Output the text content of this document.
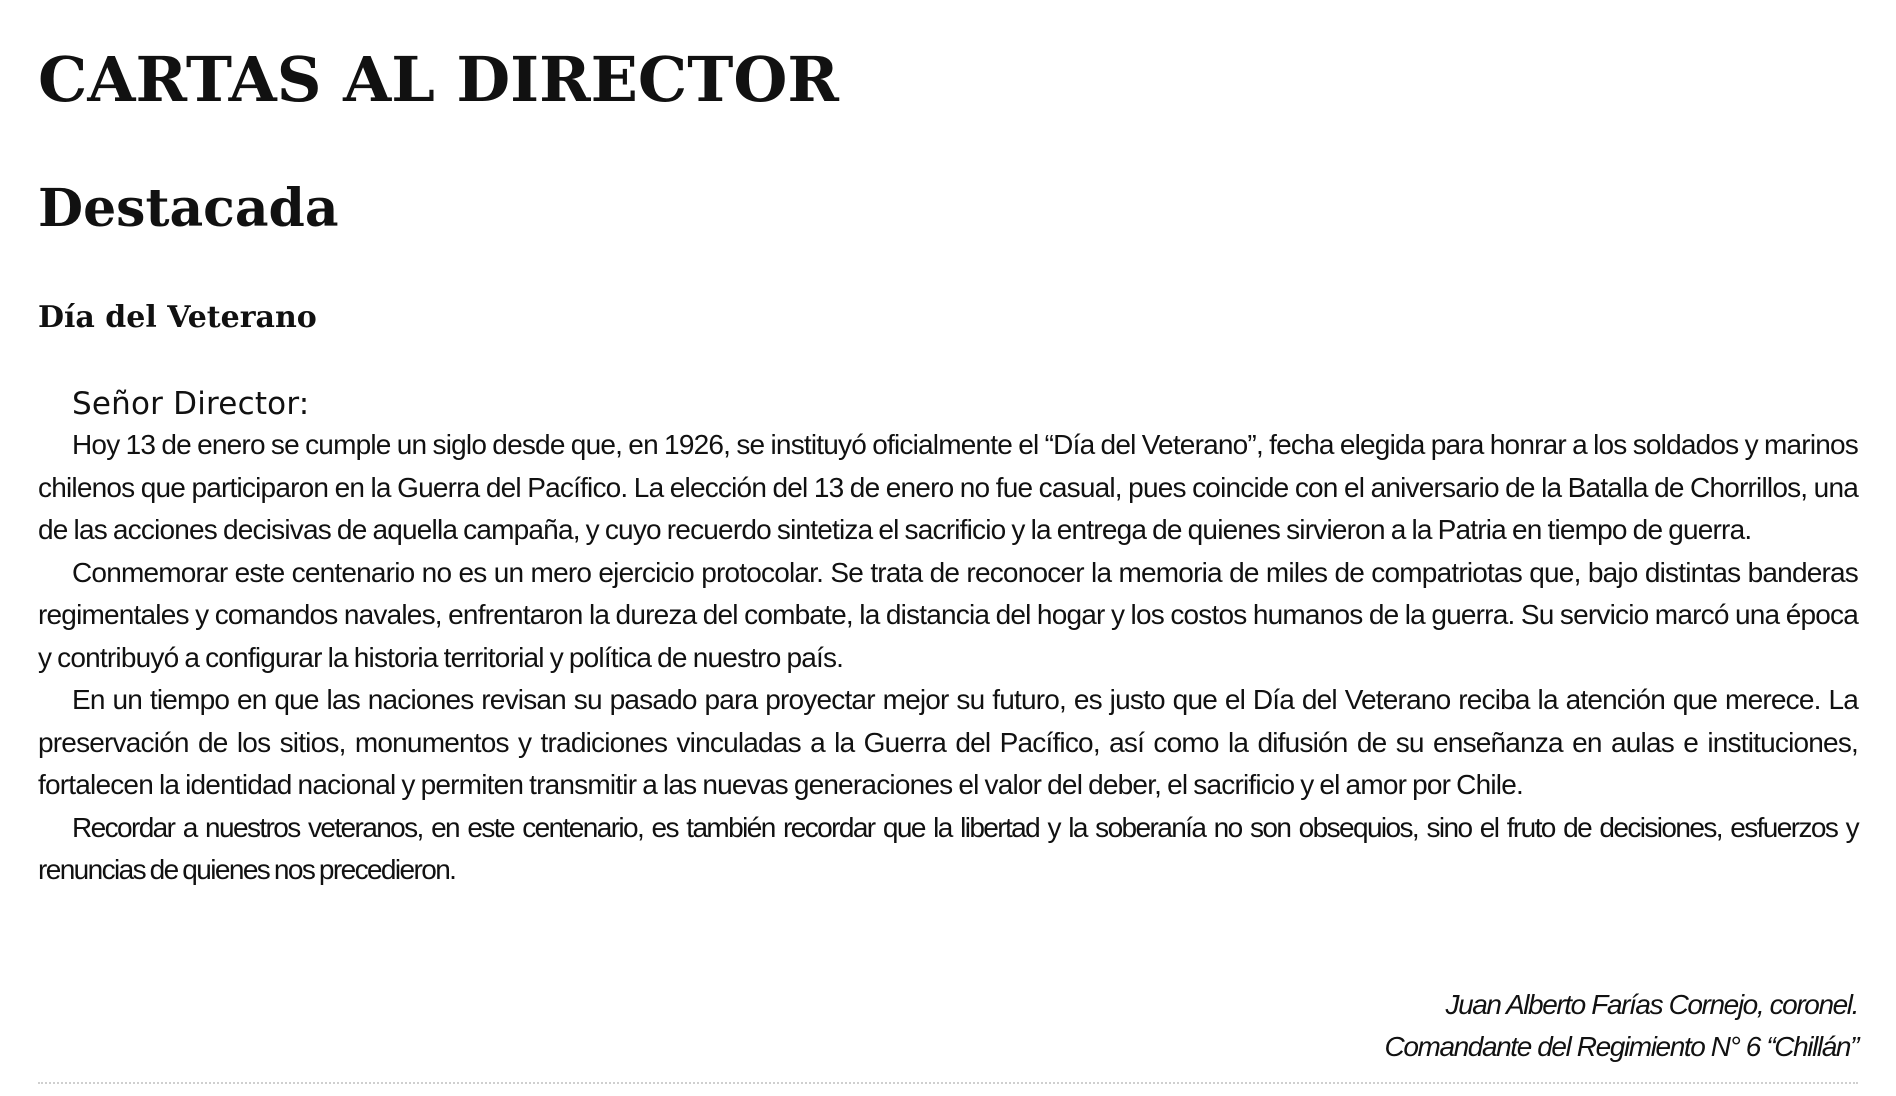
CARTAS AL DIRECTOR
Destacada
Día del Veterano

Señor Director:

Hoy 13 de enero se cumple un siglo desde que, en 1926, se instituyó oficialmente el “Día del Veterano”, fecha elegida para honrar a los soldados y marinos chilenos que participaron en la Guerra del Pacífico. La elección del 13 de enero no fue casual, pues coincide con el aniversario de la Batalla de Chorrillos, una de las acciones decisivas de aquella campaña, y cuyo recuerdo sintetiza el sacrificio y la entrega de quienes sirvieron a la Patria en tiempo de guerra.

Conmemorar este centenario no es un mero ejercicio protocolar. Se trata de reconocer la memoria de miles de compatriotas que, bajo distintas banderas regimentales y comandos navales, enfrentaron la dureza del combate, la distancia del hogar y los costos humanos de la guerra. Su servicio marcó una época y contribuyó a configurar la historia territorial y política de nuestro país.

En un tiempo en que las naciones revisan su pasado para proyectar mejor su futuro, es justo que el Día del Veterano reciba la atención que merece. La preservación de los sitios, monumentos y tradiciones vinculadas a la Guerra del Pacífico, así como la difusión de su enseñanza en aulas e instituciones, fortalecen la identidad nacional y permiten transmitir a las nuevas generaciones el valor del deber, el sacrificio y el amor por Chile.

Recordar a nuestros veteranos, en este centenario, es también recordar que la libertad y la soberanía no son obsequios, sino el fruto de decisiones, esfuerzos y renuncias de quienes nos precedieron.

Juan Alberto Farías Cornejo, coronel.
Comandante del Regimiento N° 6 “Chillán”
